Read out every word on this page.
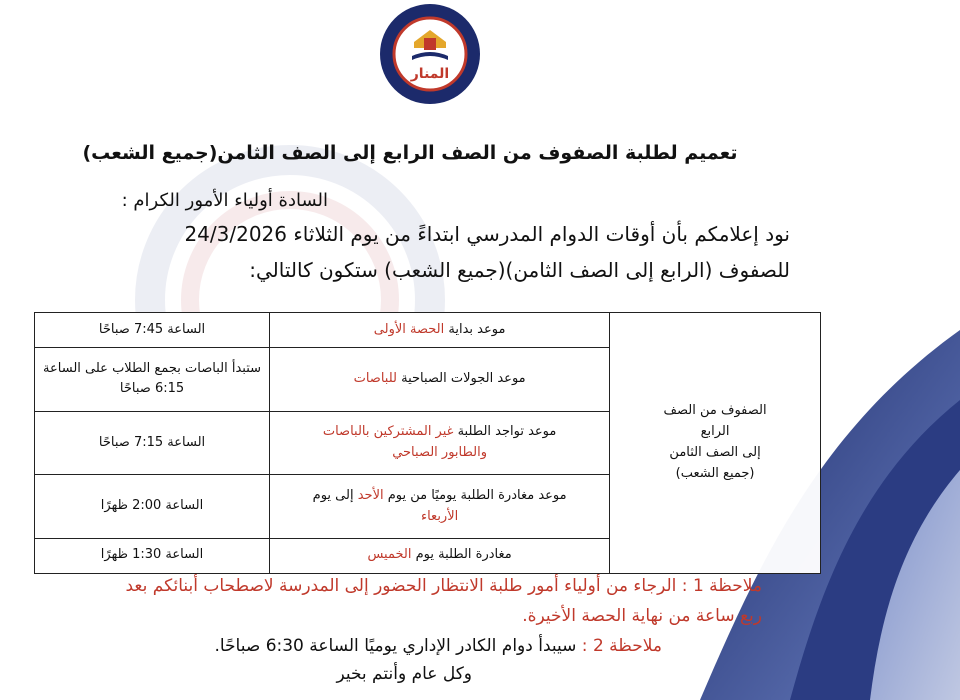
المنار
تعميم لطلبة الصفوف من الصف الرابع إلى الصف الثامن(جميع الشعب)
السادة أولياء الأمور الكرام :
نود إعلامكم بأن أوقات الدوام المدرسي ابتداءً من يوم الثلاثاء 24/3/2026
للصفوف (الرابع إلى الصف الثامن)(جميع الشعب) ستكون كالتالي:
الصفوف من الصف
الرابع
إلى الصف الثامن
(جميع الشعب)	موعد بداية الحصة الأولى	الساعة 7:45 صباحًا
	موعد الجولات الصباحية للباصات	ستبدأ الباصات بجمع الطلاب على الساعة 6:15 صباحًا
	موعد تواجد الطلبة غير المشتركين بالباصات
والطابور الصباحي	الساعة 7:15 صباحًا
	موعد مغادرة الطلبة يوميًا من يوم الأحد إلى يوم
الأربعاء	الساعة 2:00 ظهرًا
	مغادرة الطلبة يوم الخميس	الساعة 1:30 ظهرًا
ملاحظة 1 : الرجاء من أولياء أمور طلبة الانتظار الحضور إلى المدرسة لاصطحاب أبنائكم بعد
ربع ساعة من نهاية الحصة الأخيرة.
ملاحظة 2 : سيبدأ دوام الكادر الإداري يوميًا الساعة 6:30 صباحًا.
وكل عام وأنتم بخير
